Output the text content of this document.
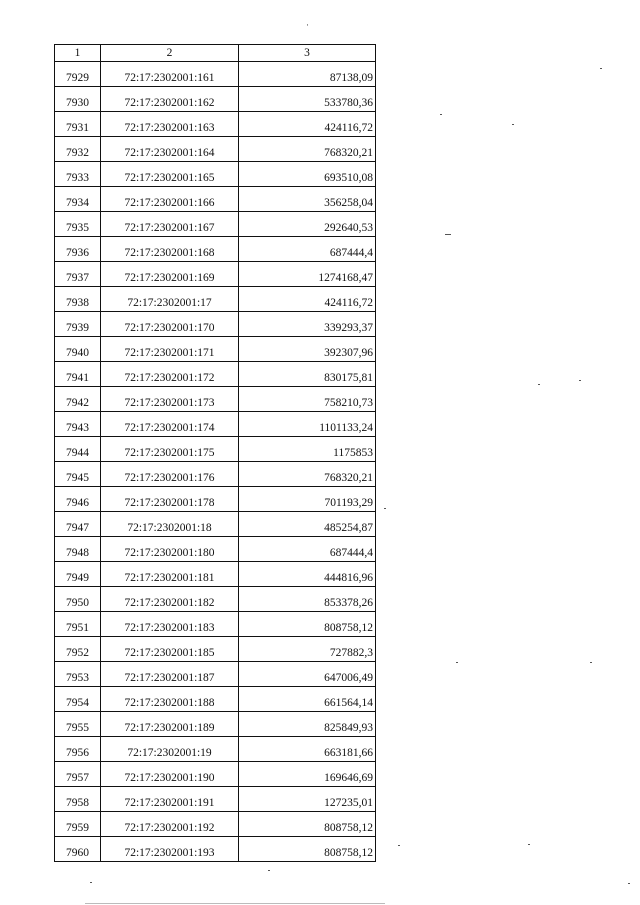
·
1	2	3
7929	72:17:2302001:161	87138,09
7930	72:17:2302001:162	533780,36
7931	72:17:2302001:163	424116,72
7932	72:17:2302001:164	768320,21
7933	72:17:2302001:165	693510,08
7934	72:17:2302001:166	356258,04
7935	72:17:2302001:167	292640,53
7936	72:17:2302001:168	687444,4
7937	72:17:2302001:169	1274168,47
7938	72:17:2302001:17	424116,72
7939	72:17:2302001:170	339293,37
7940	72:17:2302001:171	392307,96
7941	72:17:2302001:172	830175,81
7942	72:17:2302001:173	758210,73
7943	72:17:2302001:174	1101133,24
7944	72:17:2302001:175	1175853
7945	72:17:2302001:176	768320,21
7946	72:17:2302001:178	701193,29
7947	72:17:2302001:18	485254,87
7948	72:17:2302001:180	687444,4
7949	72:17:2302001:181	444816,96
7950	72:17:2302001:182	853378,26
7951	72:17:2302001:183	808758,12
7952	72:17:2302001:185	727882,3
7953	72:17:2302001:187	647006,49
7954	72:17:2302001:188	661564,14
7955	72:17:2302001:189	825849,93
7956	72:17:2302001:19	663181,66
7957	72:17:2302001:190	169646,69
7958	72:17:2302001:191	127235,01
7959	72:17:2302001:192	808758,12
7960	72:17:2302001:193	808758,12
